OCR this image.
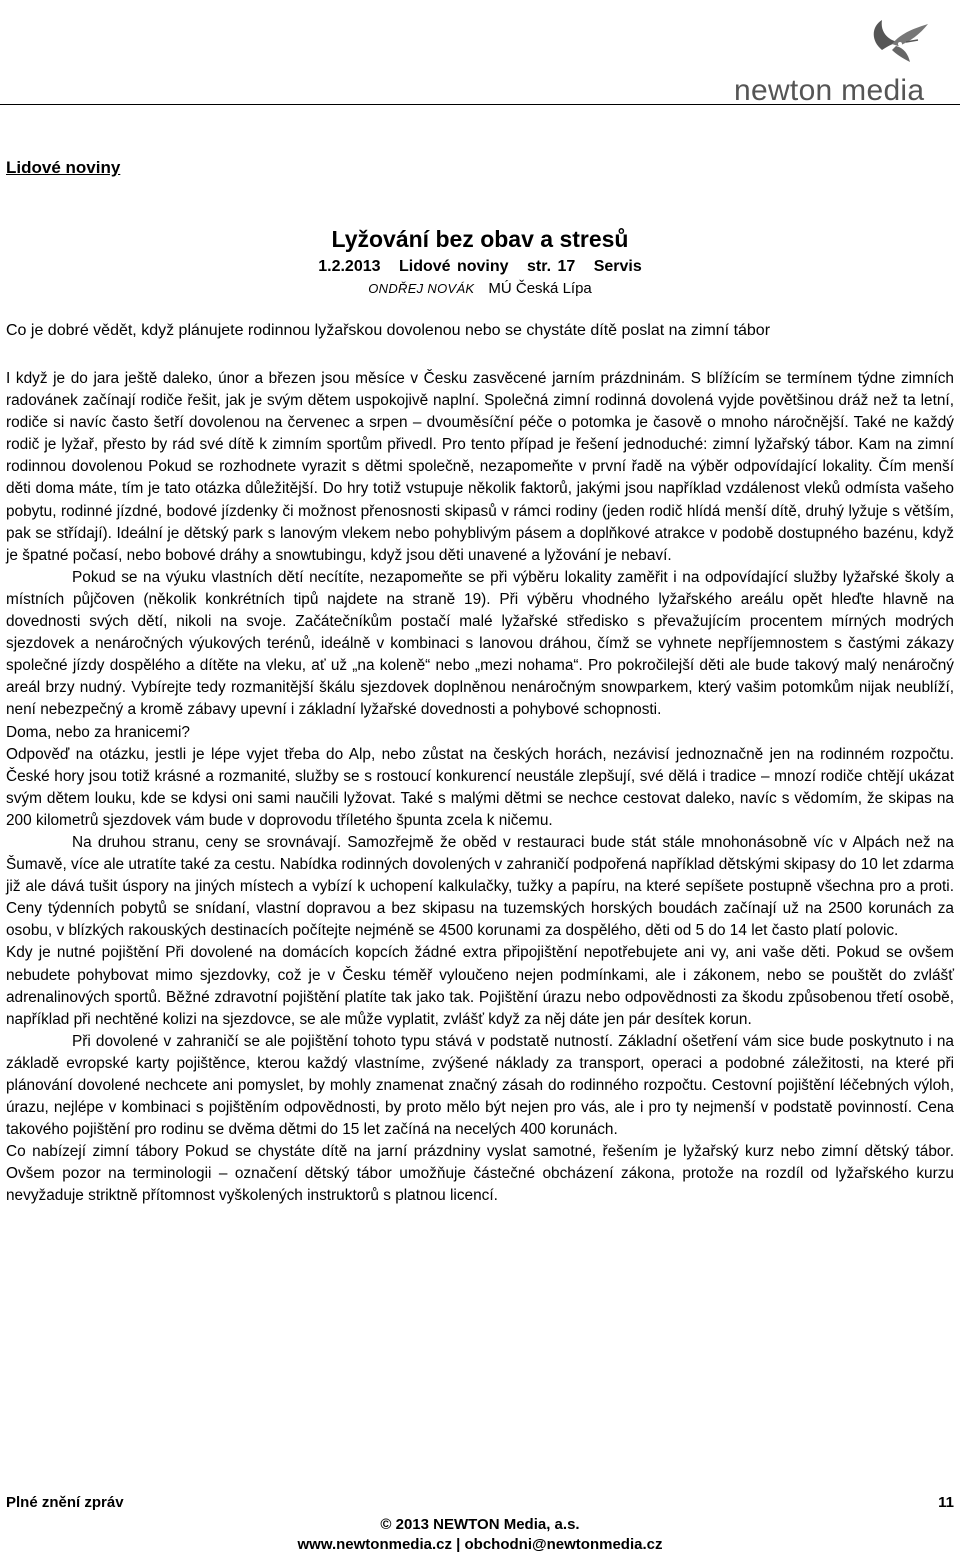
newton media
Lidové noviny
Lyžování bez obav a stresů
1.2.2013 Lidové noviny str. 17 Servis
ONDŘEJ NOVÁK MÚ Česká Lípa
Co je dobré vědět, když plánujete rodinnou lyžařskou dovolenou nebo se chystáte dítě poslat na zimní tábor

I když je do jara ještě daleko, únor a březen jsou měsíce v Česku zasvěcené jarním prázdninám. S blížícím se termínem týdne zimních radovánek začínají rodiče řešit, jak je svým dětem uspokojivě naplní. Společná zimní rodinná dovolená vyjde povětšinou dráž než ta letní, rodiče si navíc často šetří dovolenou na červenec a srpen – dvouměsíční péče o potomka je časově o mnoho náročnější. Také ne každý rodič je lyžař, přesto by rád své dítě k zimním sportům přivedl. Pro tento případ je řešení jednoduché: zimní lyžařský tábor. Kam na zimní rodinnou dovolenou Pokud se rozhodnete vyrazit s dětmi společně, nezapomeňte v první řadě na výběr odpovídající lokality. Čím menší děti doma máte, tím je tato otázka důležitější. Do hry totiž vstupuje několik faktorů, jakými jsou například vzdálenost vleků odmísta vašeho pobytu, rodinné jízdné, bodové jízdenky či možnost přenosnosti skipasů v rámci rodiny (jeden rodič hlídá menší dítě, druhý lyžuje s větším, pak se střídají). Ideální je dětský park s lanovým vlekem nebo pohyblivým pásem a doplňkové atrakce v podobě dostupného bazénu, když je špatné počasí, nebo bobové dráhy a snowtubingu, když jsou děti unavené a lyžování je nebaví.

Pokud se na výuku vlastních dětí necítíte, nezapomeňte se při výběru lokality zaměřit i na odpovídající služby lyžařské školy a místních půjčoven (několik konkrétních tipů najdete na straně 19). Při výběru vhodného lyžařského areálu opět hleďte hlavně na dovednosti svých dětí, nikoli na svoje. Začátečníkům postačí malé lyžařské středisko s převažujícím procentem mírných modrých sjezdovek a nenáročných výukových terénů, ideálně v kombinaci s lanovou dráhou, čímž se vyhnete nepříjemnostem s častými zákazy společné jízdy dospělého a dítěte na vleku, ať už „na koleně“ nebo „mezi nohama“. Pro pokročilejší děti ale bude takový malý nenáročný areál brzy nudný. Vybírejte tedy rozmanitější škálu sjezdovek doplněnou nenáročným snowparkem, který vašim potomkům nijak neublíží, není nebezpečný a kromě zábavy upevní i základní lyžařské dovednosti a pohybové schopnosti.

Doma, nebo za hranicemi?

Odpověď na otázku, jestli je lépe vyjet třeba do Alp, nebo zůstat na českých horách, nezávisí jednoznačně jen na rodinném rozpočtu. České hory jsou totiž krásné a rozmanité, služby se s rostoucí konkurencí neustále zlepšují, své dělá i tradice – mnozí rodiče chtějí ukázat svým dětem louku, kde se kdysi oni sami naučili lyžovat. Také s malými dětmi se nechce cestovat daleko, navíc s vědomím, že skipas na 200 kilometrů sjezdovek vám bude v doprovodu tříletého špunta zcela k ničemu.

Na druhou stranu, ceny se srovnávají. Samozřejmě že oběd v restauraci bude stát stále mnohonásobně víc v Alpách než na Šumavě, více ale utratíte také za cestu. Nabídka rodinných dovolených v zahraničí podpořená například dětskými skipasy do 10 let zdarma již ale dává tušit úspory na jiných místech a vybízí k uchopení kalkulačky, tužky a papíru, na které sepíšete postupně všechna pro a proti. Ceny týdenních pobytů se snídaní, vlastní dopravou a bez skipasu na tuzemských horských boudách začínají už na 2500 korunách za osobu, v blízkých rakouských destinacích počítejte nejméně se 4500 korunami za dospělého, děti od 5 do 14 let často platí polovic.

Kdy je nutné pojištění Při dovolené na domácích kopcích žádné extra připojištění nepotřebujete ani vy, ani vaše děti. Pokud se ovšem nebudete pohybovat mimo sjezdovky, což je v Česku téměř vyloučeno nejen podmínkami, ale i zákonem, nebo se pouštět do zvlášť adrenalinových sportů. Běžné zdravotní pojištění platíte tak jako tak. Pojištění úrazu nebo odpovědnosti za škodu způsobenou třetí osobě, například při nechtěné kolizi na sjezdovce, se ale může vyplatit, zvlášť když za něj dáte jen pár desítek korun.

Při dovolené v zahraničí se ale pojištění tohoto typu stává v podstatě nutností. Základní ošetření vám sice bude poskytnuto i na základě evropské karty pojištěnce, kterou každý vlastníme, zvýšené náklady za transport, operaci a podobné záležitosti, na které při plánování dovolené nechcete ani pomyslet, by mohly znamenat značný zásah do rodinného rozpočtu. Cestovní pojištění léčebných výloh, úrazu, nejlépe v kombinaci s pojištěním odpovědnosti, by proto mělo být nejen pro vás, ale i pro ty nejmenší v podstatě povinností. Cena takového pojištění pro rodinu se dvěma dětmi do 15 let začíná na necelých 400 korunách.

Co nabízejí zimní tábory Pokud se chystáte dítě na jarní prázdniny vyslat samotné, řešením je lyžařský kurz nebo zimní dětský tábor. Ovšem pozor na terminologii – označení dětský tábor umožňuje částečné obcházení zákona, protože na rozdíl od lyžařského kurzu nevyžaduje striktně přítomnost vyškolených instruktorů s platnou licencí.

Plné znění zpráv	11
© 2013 NEWTON Media, a.s.
www.newtonmedia.cz | obchodni@newtonmedia.cz
